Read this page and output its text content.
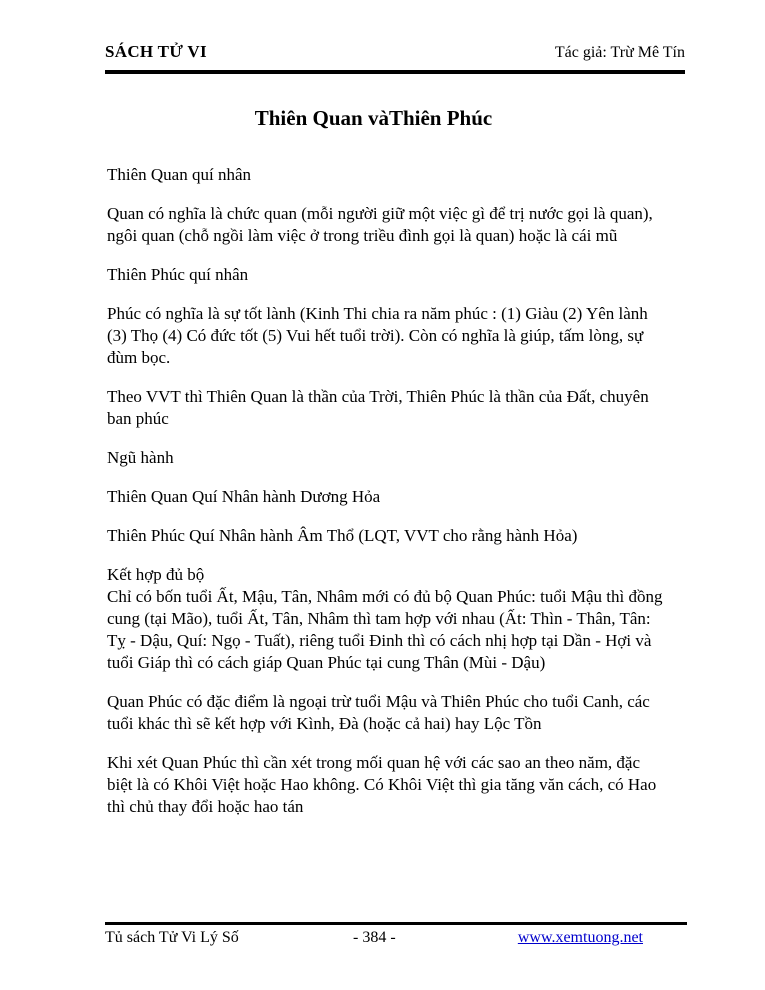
SÁCH TỬ VI	Tác giả: Trừ Mê Tín
Thiên Quan vàThiên Phúc

Thiên Quan quí nhân

Quan có nghĩa là chức quan (mỗi người giữ một việc gì để trị nước gọi là quan), ngôi quan (chỗ ngồi làm việc ở trong triều đình gọi là quan) hoặc là cái mũ

Thiên Phúc quí nhân

Phúc có nghĩa là sự tốt lành (Kinh Thi chia ra năm phúc : (1) Giàu (2) Yên lành (3) Thọ (4) Có đức tốt (5) Vui hết tuổi trời). Còn có nghĩa là giúp, tấm lòng, sự đùm bọc.

Theo VVT thì Thiên Quan là thần của Trời, Thiên Phúc là thần của Đất, chuyên ban phúc

Ngũ hành

Thiên Quan Quí Nhân hành Dương Hỏa

Thiên Phúc Quí Nhân hành Âm Thổ (LQT, VVT cho rằng hành Hỏa)

Kết hợp đủ bộ

Chỉ có bốn tuổi Ất, Mậu, Tân, Nhâm mới có đủ bộ Quan Phúc: tuổi Mậu thì đồng cung (tại Mão), tuổi Ất, Tân, Nhâm thì tam hợp với nhau (Ất: Thìn - Thân, Tân: Tỵ - Dậu, Quí: Ngọ - Tuất), riêng tuổi Đinh thì có cách nhị hợp tại Dần - Hợi và tuổi Giáp thì có cách giáp Quan Phúc tại cung Thân (Mùi - Dậu)

Quan Phúc có đặc điểm là ngoại trừ tuổi Mậu và Thiên Phúc cho tuổi Canh, các tuổi khác thì sẽ kết hợp với Kình, Đà (hoặc cả hai) hay Lộc Tồn

Khi xét Quan Phúc thì cần xét trong mối quan hệ với các sao an theo năm, đặc biệt là có Khôi Việt hoặc Hao không. Có Khôi Việt thì gia tăng văn cách, có Hao thì chủ thay đổi hoặc hao tán

Tủ sách Tử Vi Lý Số	- 384 -	www.xemtuong.net
